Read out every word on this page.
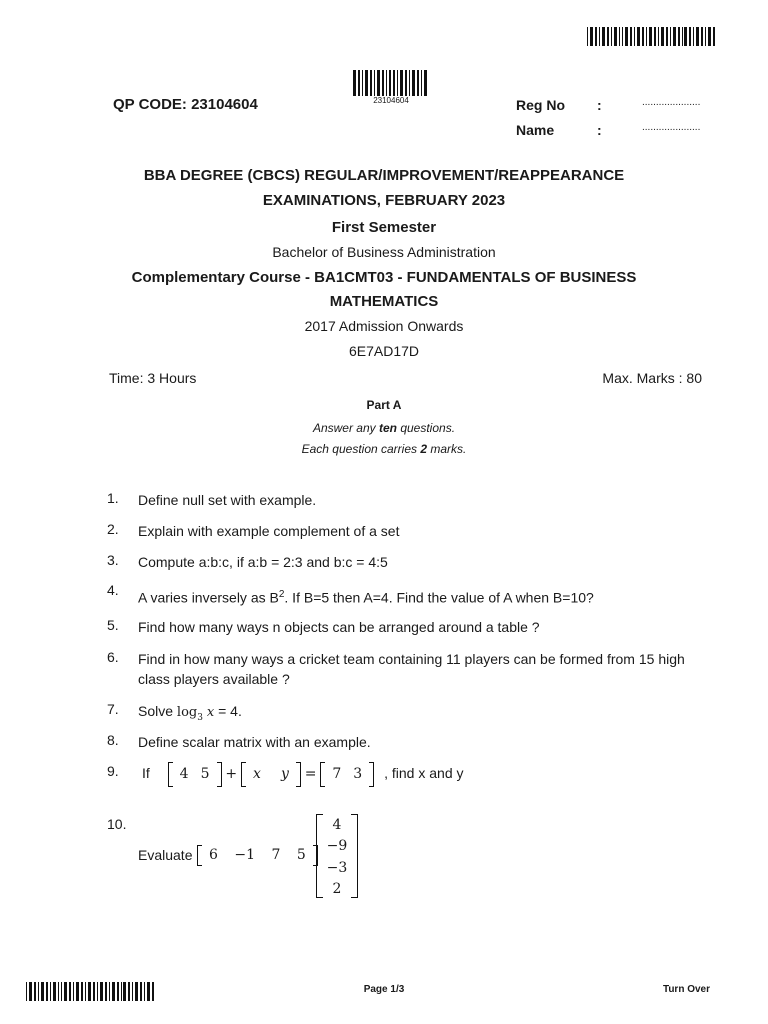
QP CODE: 23104604	23104604	Reg No :	.....................
Name	:	.....................
BBA DEGREE (CBCS) REGULAR/IMPROVEMENT/REAPPEARANCE
EXAMINATIONS, FEBRUARY 2023
First Semester
Bachelor of Business Administration
Complementary Course - BA1CMT03 - FUNDAMENTALS OF BUSINESS
MATHEMATICS
2017 Admission Onwards
6E7AD17D
Time: 3 Hours	Max. Marks : 80
Part A
Answer any ten questions.
Each question carries 2 marks.
1.	Define null set with example.
2.	Explain with example complement of a set
3.	Compute a:b:c, if a:b = 2:3 and b:c = 4:5
4.	A varies inversely as $B^2$. If B=5 then A=4. Find the value of A when B=10?
5.	Find how many ways n objects can be arranged around a table ?
6.	Find in how many ways a cricket team containing 11 players can be formed from 15 high
class players available ?
7.	Solve $\log_3 x = 4$.
8.	Define scalar matrix with an example.
9.	If 4 5 + x y = 7 3 , find x and y
10.
Evaluate	6 −1 7 5
4
−9
−3
2
Page 1/3	Turn Over
